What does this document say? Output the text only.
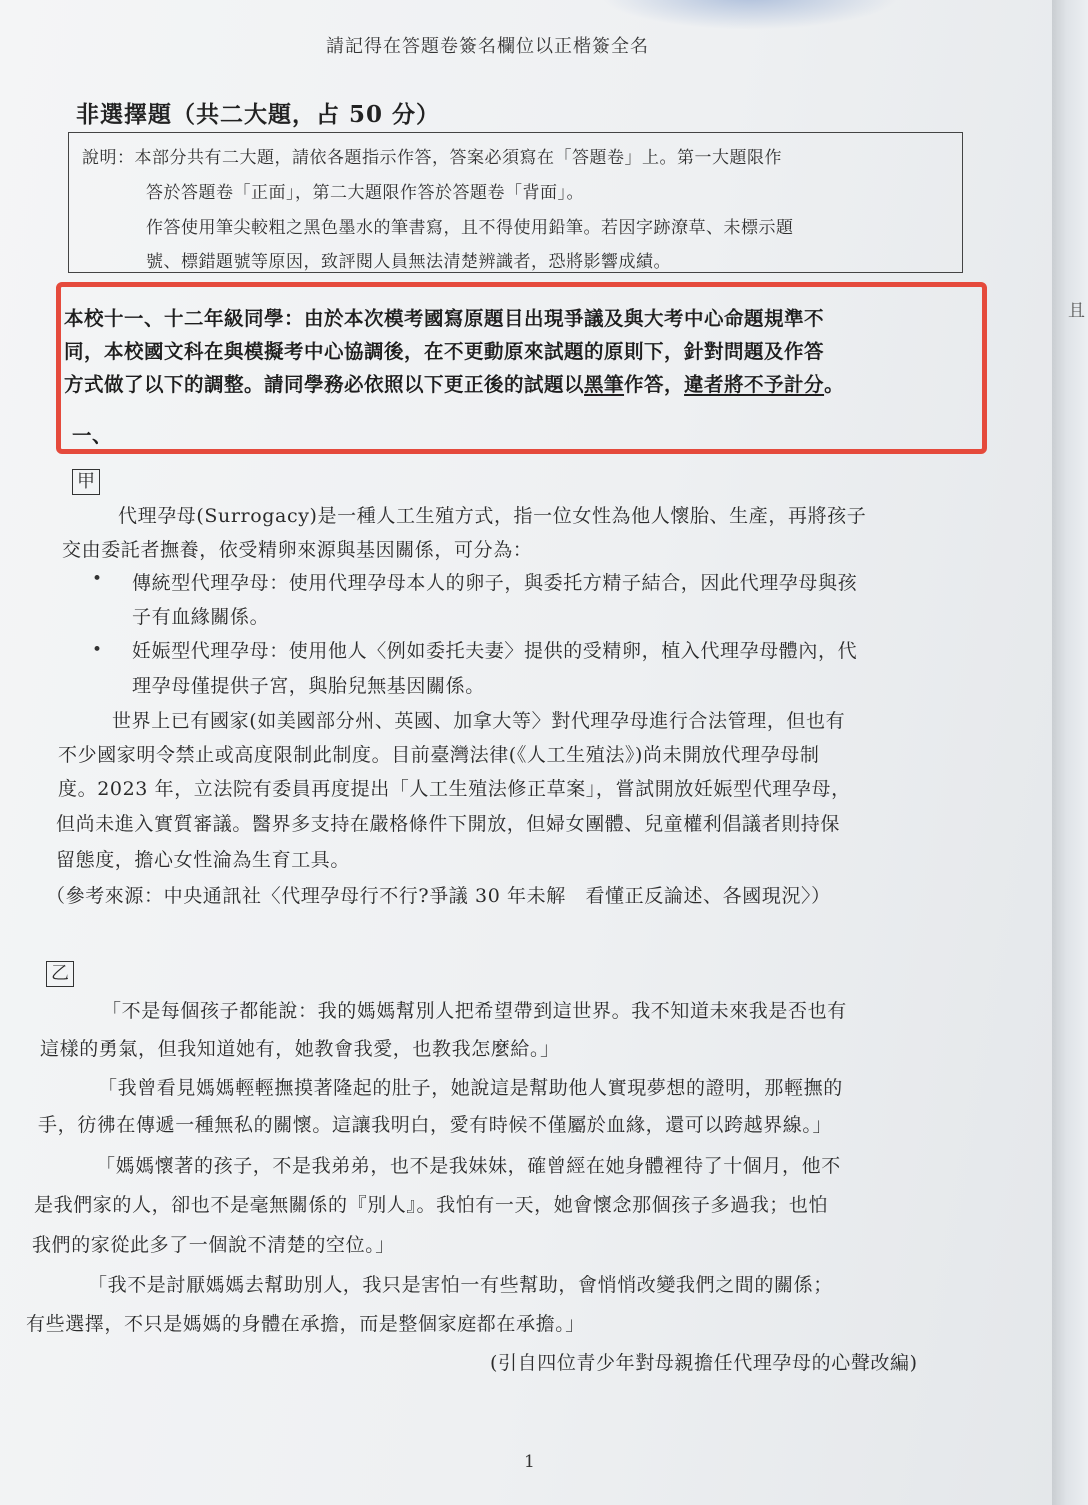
且
請記得在答題卷簽名欄位以正楷簽全名
非選擇題（共二大題，占 50 分）
說明：本部分共有二大題，請依各題指示作答，答案必須寫在「答題卷」上。第一大題限作
答於答題卷「正面」，第二大題限作答於答題卷「背面」。
作答使用筆尖較粗之黑色墨水的筆書寫，且不得使用鉛筆。若因字跡潦草、未標示題
號、標錯題號等原因，致評閱人員無法清楚辨識者，恐將影響成績。
本校十一、十二年級同學：由於本次模考國寫原題目出現爭議及與大考中心命題規準不
同，本校國文科在與模擬考中心協調後，在不更動原來試題的原則下，針對問題及作答
方式做了以下的調整。請同學務必依照以下更正後的試題以黑筆作答，違者將不予計分。
一、
甲
代理孕母(Surrogacy)是一種人工生殖方式，指一位女性為他人懷胎、生產，再將孩子
交由委託者撫養，依受精卵來源與基因關係，可分為：
• 傳統型代理孕母：使用代理孕母本人的卵子，與委托方精子結合，因此代理孕母與孩
子有血緣關係。
• 妊娠型代理孕母：使用他人〈例如委托夫妻〉提供的受精卵，植入代理孕母體內，代
理孕母僅提供子宮，與胎兒無基因關係。
世界上已有國家(如美國部分州、英國、加拿大等〉對代理孕母進行合法管理，但也有
不少國家明令禁止或高度限制此制度。目前臺灣法律(《人工生殖法》)尚未開放代理孕母制
度。2023 年，立法院有委員再度提出「人工生殖法修正草案」，嘗試開放妊娠型代理孕母，
但尚未進入實質審議。醫界多支持在嚴格條件下開放，但婦女團體、兒童權利倡議者則持保
留態度，擔心女性淪為生育工具。
（參考來源：中央通訊社〈代理孕母行不行?爭議 30 年未解　看懂正反論述、各國現況〉）
乙
「不是每個孩子都能說：我的媽媽幫別人把希望帶到這世界。我不知道未來我是否也有
這樣的勇氣，但我知道她有，她教會我愛，也教我怎麼給。」
「我曾看見媽媽輕輕撫摸著隆起的肚子，她說這是幫助他人實現夢想的證明，那輕撫的
手，彷彿在傳遞一種無私的關懷。這讓我明白，愛有時候不僅屬於血緣，還可以跨越界線。」
「媽媽懷著的孩子，不是我弟弟，也不是我妹妹，確曾經在她身體裡待了十個月，他不
是我們家的人，卻也不是毫無關係的『別人』。我怕有一天，她會懷念那個孩子多過我；也怕
我們的家從此多了一個說不清楚的空位。」
「我不是討厭媽媽去幫助別人，我只是害怕一有些幫助，會悄悄改變我們之間的關係；
有些選擇，不只是媽媽的身體在承擔，而是整個家庭都在承擔。」
(引自四位青少年對母親擔任代理孕母的心聲改編)
1
